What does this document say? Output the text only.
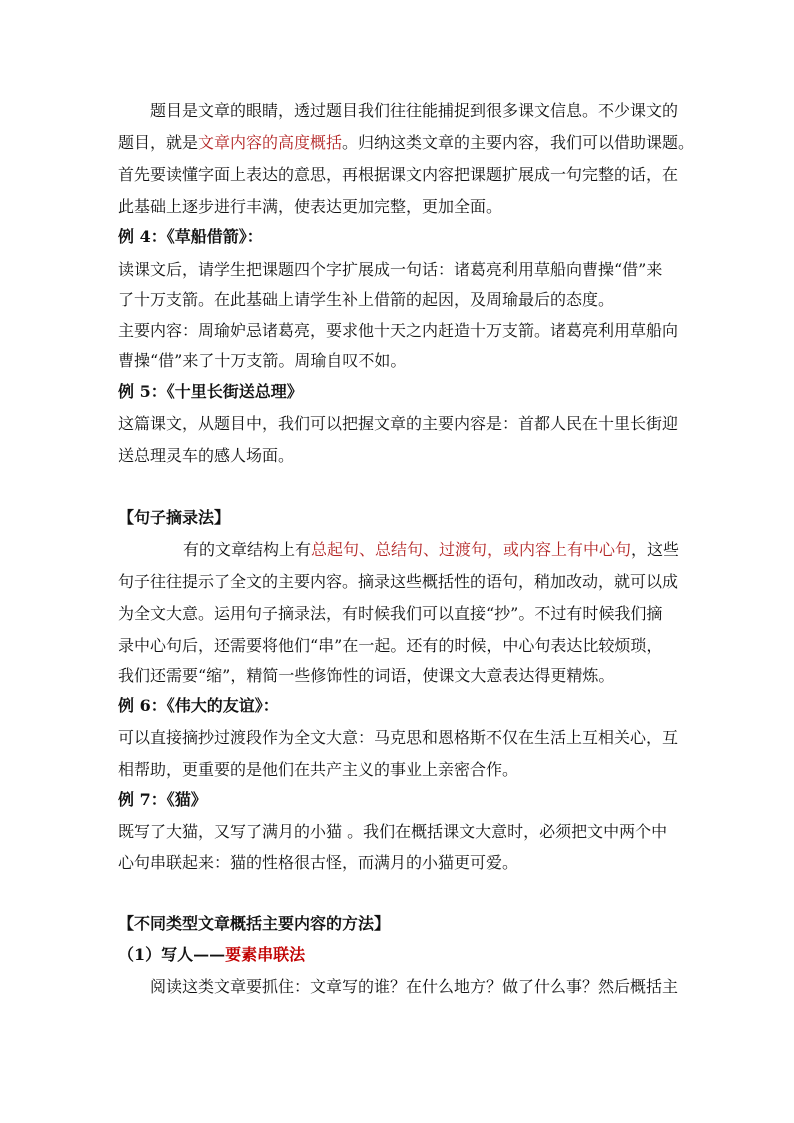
题目是文章的眼睛，透过题目我们往往能捕捉到很多课文信息。不少课文的
题目，就是文章内容的高度概括。归纳这类文章的主要内容，我们可以借助课题。
首先要读懂字面上表达的意思，再根据课文内容把课题扩展成一句完整的话，在
此基础上逐步进行丰满，使表达更加完整，更加全面。
例 4：《草船借箭》：
读课文后，请学生把课题四个字扩展成一句话：诸葛亮利用草船向曹操“借”来
了十万支箭。在此基础上请学生补上借箭的起因，及周瑜最后的态度。
主要内容：周瑜妒忌诸葛亮，要求他十天之内赶造十万支箭。诸葛亮利用草船向
曹操“借”来了十万支箭。周瑜自叹不如。
例 5：《十里长街送总理》
这篇课文，从题目中，我们可以把握文章的主要内容是：首都人民在十里长街迎
送总理灵车的感人场面。
【句子摘录法】
有的文章结构上有总起句、总结句、过渡句，或内容上有中心句，这些
句子往往提示了全文的主要内容。摘录这些概括性的语句，稍加改动，就可以成
为全文大意。运用句子摘录法，有时候我们可以直接“抄”。不过有时候我们摘
录中心句后，还需要将他们“串”在一起。还有的时候，中心句表达比较烦琐，
我们还需要“缩”，精简一些修饰性的词语，使课文大意表达得更精炼。
例 6：《伟大的友谊》：
可以直接摘抄过渡段作为全文大意：马克思和恩格斯不仅在生活上互相关心，互
相帮助，更重要的是他们在共产主义的事业上亲密合作。
例 7：《猫》
既写了大猫，又写了满月的小猫 。我们在概括课文大意时，必须把文中两个中
心句串联起来：猫的性格很古怪，而满月的小猫更可爱。
【不同类型文章概括主要内容的方法】
（1）写人——要素串联法
阅读这类文章要抓住：文章写的谁？在什么地方？做了什么事？然后概括主
